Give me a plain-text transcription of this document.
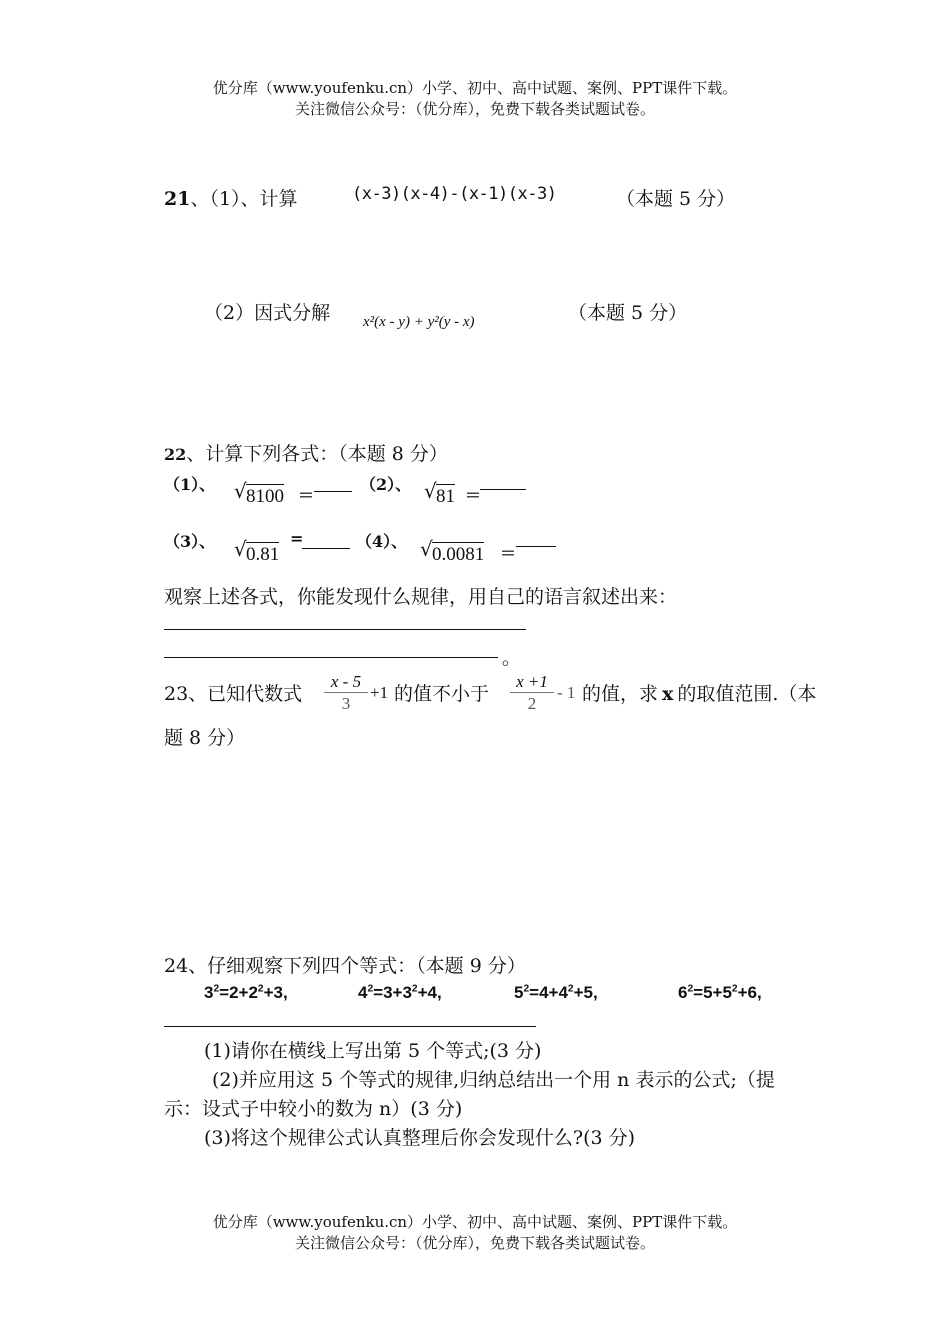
优分库（www.youfenku.cn）小学、初中、高中试题、案例、PPT课件下载。
关注微信公众号：（优分库），免费下载各类试题试卷。
21、（1）、计算	(x-3)(x-4)-(x-1)(x-3)	（本题 5 分）
（2）因式分解 x²(x - y) + y²(y - x)	（本题 5 分）
22、计算下列各式：（本题 8 分）
（1）、 √ 8100 =	（2）、 √ 81 =
（3）、 √ 0.81
=	（4）、 √ 0.0081 =
观察上述各式，你能发现什么规律，用自己的语言叙述出来：
。
23、已知代数式
x - 5
3
+1 的值不小于
x +1
2
- 1 的值，求 x 的取值范围.（本
题 8 分）
24、仔细观察下列四个等式：（本题 9 分）
$3^2=2+2^2+3$,	$4^2=3+3^2+4$,	$5^2=4+4^2+5$,	$6^2=5+5^2+6$,
(1)请你在横线上写出第 5 个等式;(3 分)
(2)并应用这 5 个等式的规律,归纳总结出一个用 n 表示的公式;（提
示：设式子中较小的数为 n）(3 分)
(3)将这个规律公式认真整理后你会发现什么?(3 分)
优分库（www.youfenku.cn）小学、初中、高中试题、案例、PPT课件下载。
关注微信公众号：（优分库），免费下载各类试题试卷。
